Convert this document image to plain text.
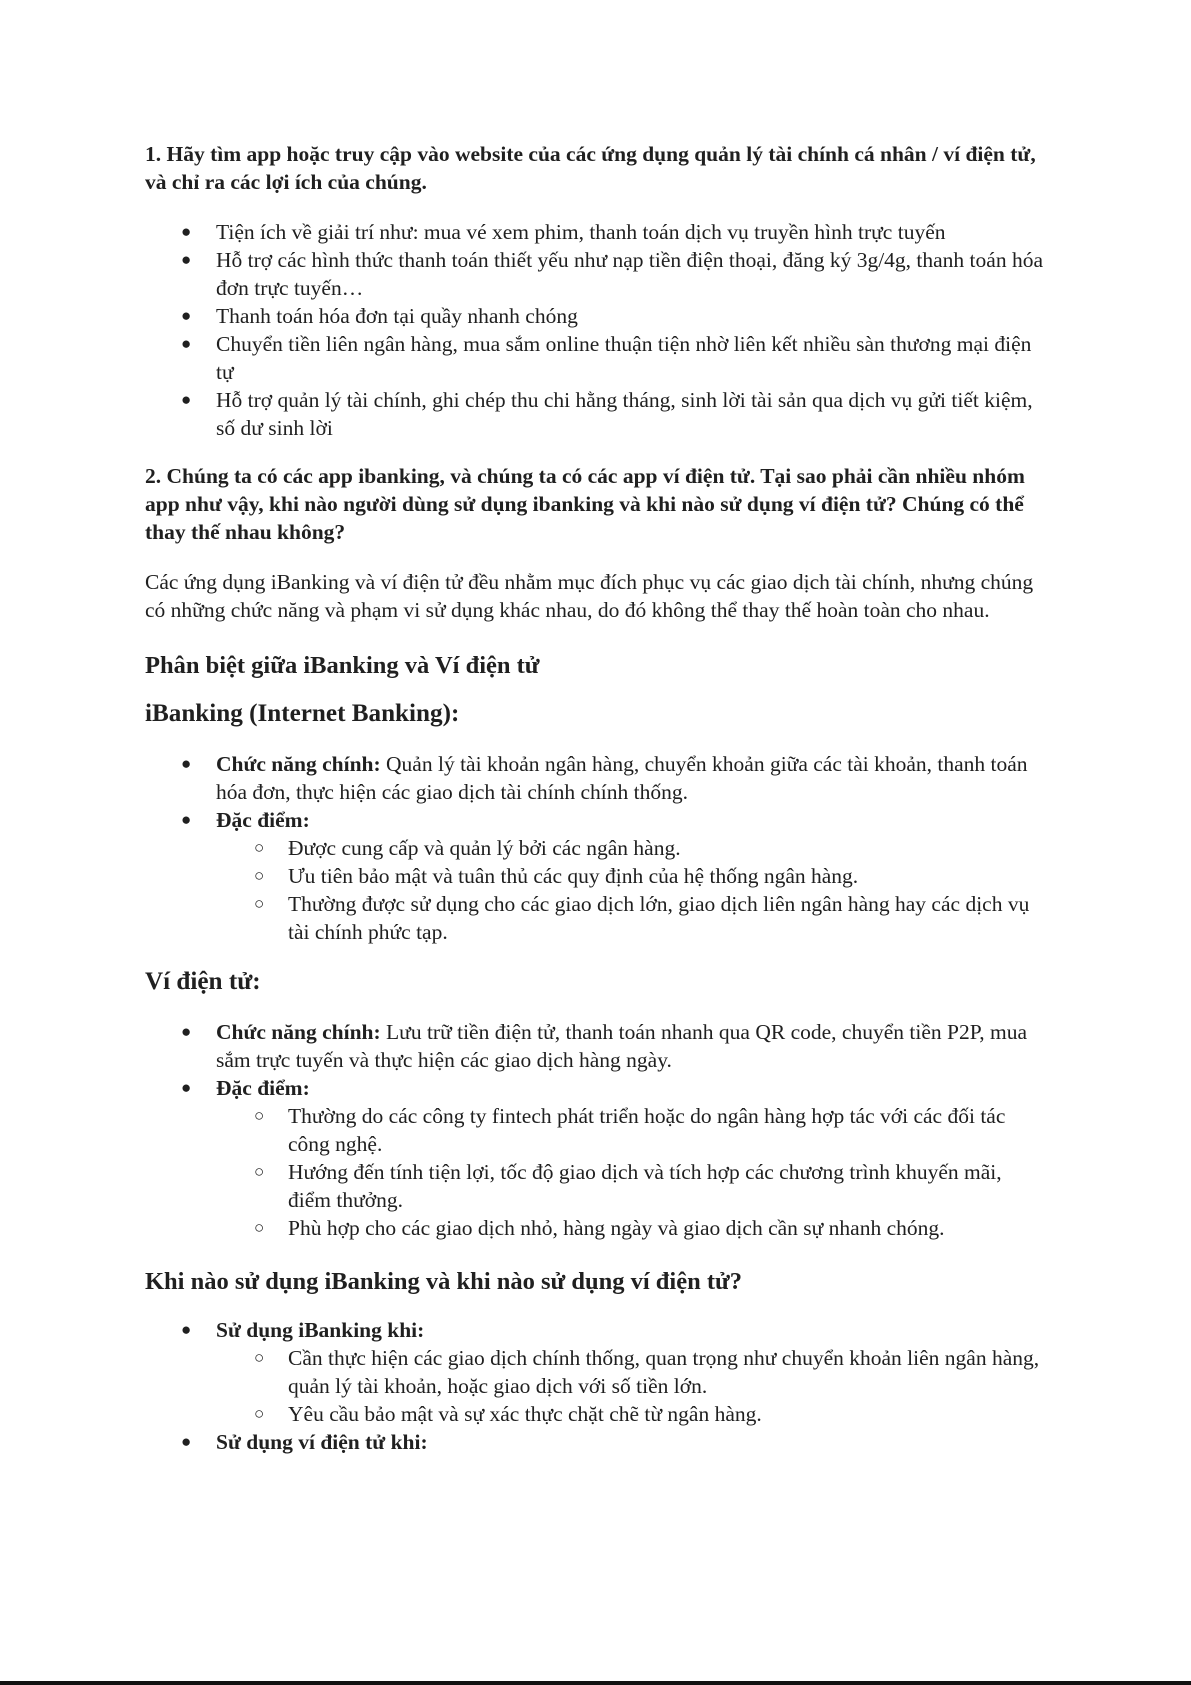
1. Hãy tìm app hoặc truy cập vào website của các ứng dụng quản lý tài chính cá nhân / ví điện tử, và chỉ ra các lợi ích của chúng.

● Tiện ích về giải trí như: mua vé xem phim, thanh toán dịch vụ truyền hình trực tuyến
● Hỗ trợ các hình thức thanh toán thiết yếu như nạp tiền điện thoại, đăng ký 3g/4g, thanh toán hóa đơn trực tuyến…
● Thanh toán hóa đơn tại quầy nhanh chóng
● Chuyển tiền liên ngân hàng, mua sắm online thuận tiện nhờ liên kết nhiều sàn thương mại điện tự
● Hỗ trợ quản lý tài chính, ghi chép thu chi hằng tháng, sinh lời tài sản qua dịch vụ gửi tiết kiệm, số dư sinh lời

2. Chúng ta có các app ibanking, và chúng ta có các app ví điện tử. Tại sao phải cần nhiều nhóm app như vậy, khi nào người dùng sử dụng ibanking và khi nào sử dụng ví điện tử? Chúng có thể thay thế nhau không?

Các ứng dụng iBanking và ví điện tử đều nhằm mục đích phục vụ các giao dịch tài chính, nhưng chúng có những chức năng và phạm vi sử dụng khác nhau, do đó không thể thay thế hoàn toàn cho nhau.

Phân biệt giữa iBanking và Ví điện tử
iBanking (Internet Banking):
● Chức năng chính: Quản lý tài khoản ngân hàng, chuyển khoản giữa các tài khoản, thanh toán hóa đơn, thực hiện các giao dịch tài chính chính thống.
● Đặc điểm:
○ Được cung cấp và quản lý bởi các ngân hàng.
○ Ưu tiên bảo mật và tuân thủ các quy định của hệ thống ngân hàng.
○ Thường được sử dụng cho các giao dịch lớn, giao dịch liên ngân hàng hay các dịch vụ tài chính phức tạp.
Ví điện tử:
● Chức năng chính: Lưu trữ tiền điện tử, thanh toán nhanh qua QR code, chuyển tiền P2P, mua sắm trực tuyến và thực hiện các giao dịch hàng ngày.
● Đặc điểm:
○ Thường do các công ty fintech phát triển hoặc do ngân hàng hợp tác với các đối tác công nghệ.
○ Hướng đến tính tiện lợi, tốc độ giao dịch và tích hợp các chương trình khuyến mãi, điểm thưởng.
○ Phù hợp cho các giao dịch nhỏ, hàng ngày và giao dịch cần sự nhanh chóng.
Khi nào sử dụng iBanking và khi nào sử dụng ví điện tử?
● Sử dụng iBanking khi:
○ Cần thực hiện các giao dịch chính thống, quan trọng như chuyển khoản liên ngân hàng, quản lý tài khoản, hoặc giao dịch với số tiền lớn.
○ Yêu cầu bảo mật và sự xác thực chặt chẽ từ ngân hàng.
● Sử dụng ví điện tử khi:
